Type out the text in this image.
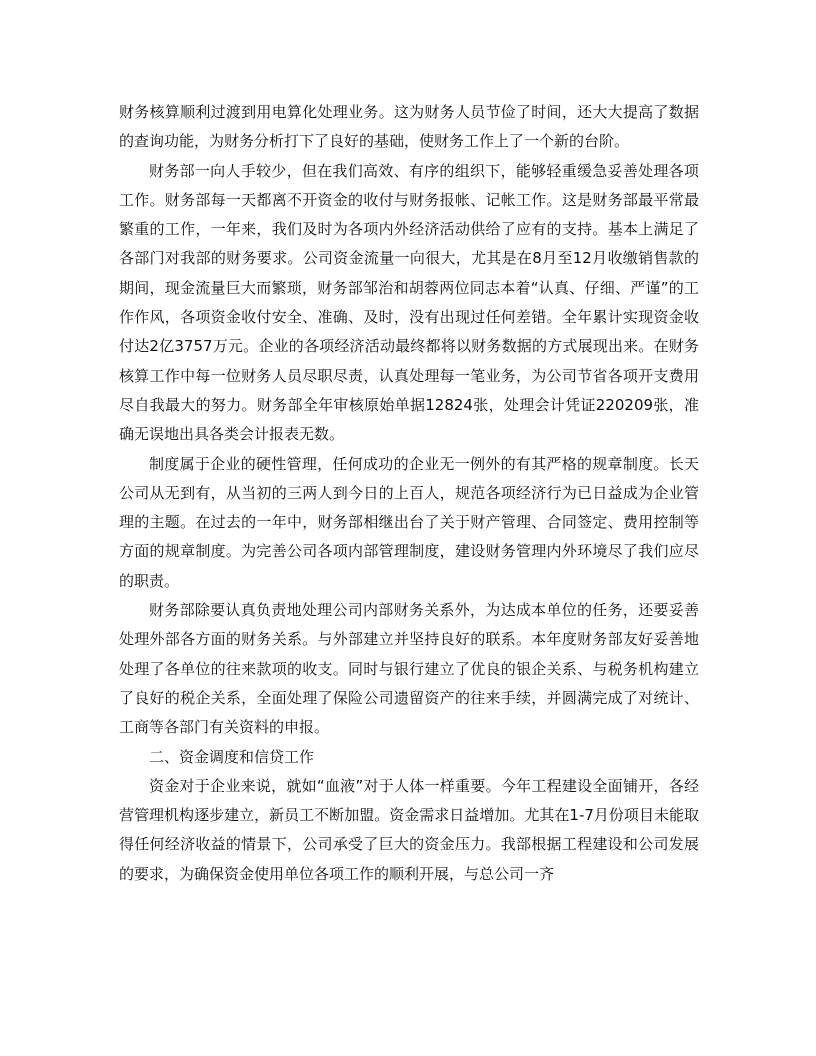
财务核算顺利过渡到用电算化处理业务。这为财务人员节俭了时间，还大大提高了数据的查询功能，为财务分析打下了良好的基础，使财务工作上了一个新的台阶。

财务部一向人手较少，但在我们高效、有序的组织下，能够轻重缓急妥善处理各项工作。财务部每一天都离不开资金的收付与财务报帐、记帐工作。这是财务部最平常最繁重的工作，一年来，我们及时为各项内外经济活动供给了应有的支持。基本上满足了各部门对我部的财务要求。公司资金流量一向很大，尤其是在8月至12月收缴销售款的期间，现金流量巨大而繁琐，财务部邹治和胡蓉两位同志本着“认真、仔细、严谨”的工作作风，各项资金收付安全、准确、及时，没有出现过任何差错。全年累计实现资金收付达2亿3757万元。企业的各项经济活动最终都将以财务数据的方式展现出来。在财务核算工作中每一位财务人员尽职尽责，认真处理每一笔业务，为公司节省各项开支费用尽自我最大的努力。财务部全年审核原始单据12824张，处理会计凭证220209张，准确无误地出具各类会计报表无数。

制度属于企业的硬性管理，任何成功的企业无一例外的有其严格的规章制度。长天公司从无到有，从当初的三两人到今日的上百人，规范各项经济行为已日益成为企业管理的主题。在过去的一年中，财务部相继出台了关于财产管理、合同签定、费用控制等方面的规章制度。为完善公司各项内部管理制度，建设财务管理内外环境尽了我们应尽的职责。

财务部除要认真负责地处理公司内部财务关系外，为达成本单位的任务，还要妥善处理外部各方面的财务关系。与外部建立并坚持良好的联系。本年度财务部友好妥善地处理了各单位的往来款项的收支。同时与银行建立了优良的银企关系、与税务机构建立了良好的税企关系，全面处理了保险公司遗留资产的往来手续，并圆满完成了对统计、工商等各部门有关资料的申报。

二、资金调度和信贷工作

资金对于企业来说，就如“血液”对于人体一样重要。今年工程建设全面铺开，各经营管理机构逐步建立，新员工不断加盟。资金需求日益增加。尤其在1-7月份项目未能取得任何经济收益的情景下，公司承受了巨大的资金压力。我部根据工程建设和公司发展的要求，为确保资金使用单位各项工作的顺利开展，与总公司一齐
